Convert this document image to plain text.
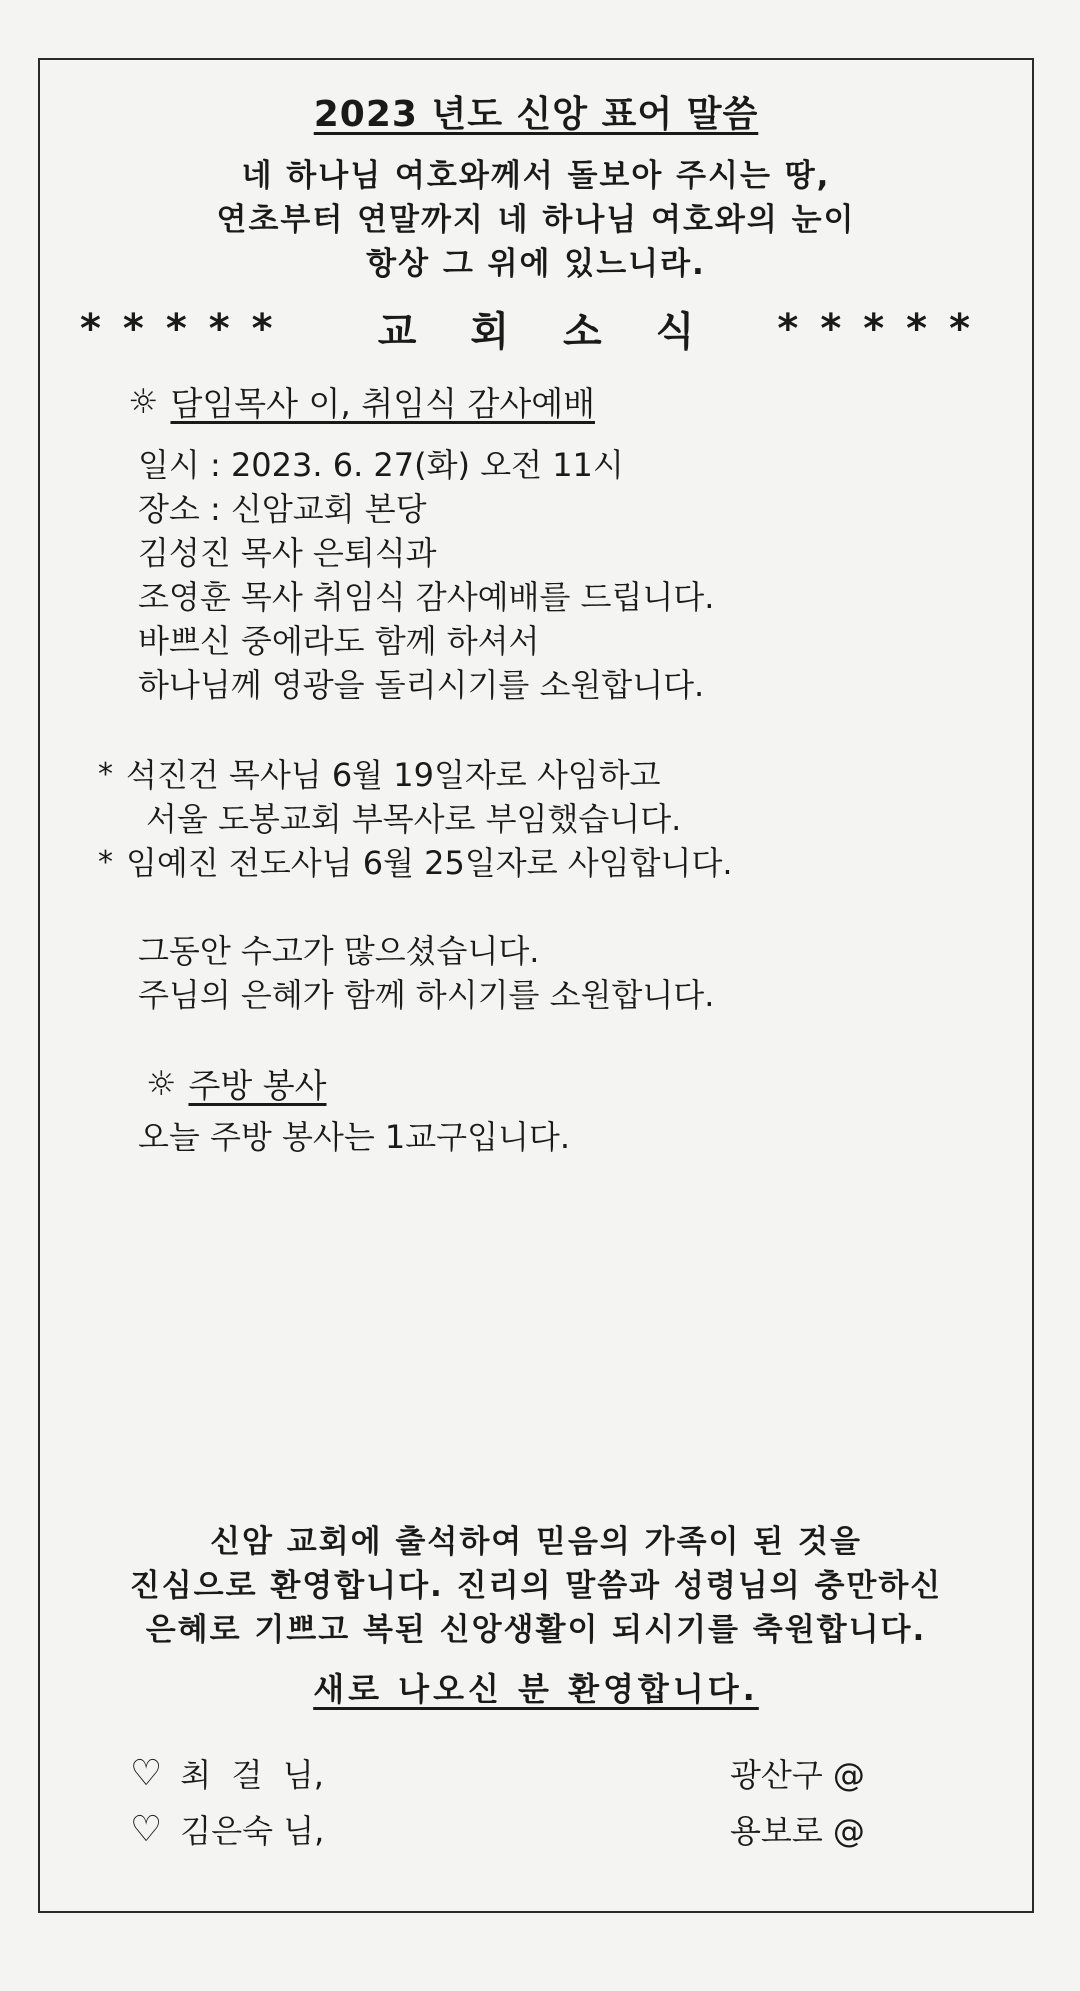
2023 년도 신앙 표어 말씀
네 하나님 여호와께서 돌보아 주시는 땅,
연초부터 연말까지 네 하나님 여호와의 눈이
항상 그 위에 있느니라.
***** 교회소식 *****
☼ 담임목사 이, 취임식 감사예배
일시 : 2023. 6. 27(화) 오전 11시
장소 : 신암교회 본당
김성진 목사 은퇴식과
조영훈 목사 취임식 감사예배를 드립니다.
바쁘신 중에라도 함께 하셔서
하나님께 영광을 돌리시기를 소원합니다.
* 석진건 목사님 6월 19일자로 사임하고
서울 도봉교회 부목사로 부임했습니다.
* 임예진 전도사님 6월 25일자로 사임합니다.
그동안 수고가 많으셨습니다.
주님의 은혜가 함께 하시기를 소원합니다.
☼ 주방 봉사
오늘 주방 봉사는 1교구입니다.
신암 교회에 출석하여 믿음의 가족이 된 것을
진심으로 환영합니다. 진리의 말씀과 성령님의 충만하신
은혜로 기쁘고 복된 신앙생활이 되시기를 축원합니다.
새로 나오신 분 환영합니다.
♡ 최  걸  님,	광산구 @
♡ 김은숙 님,	용보로 @
